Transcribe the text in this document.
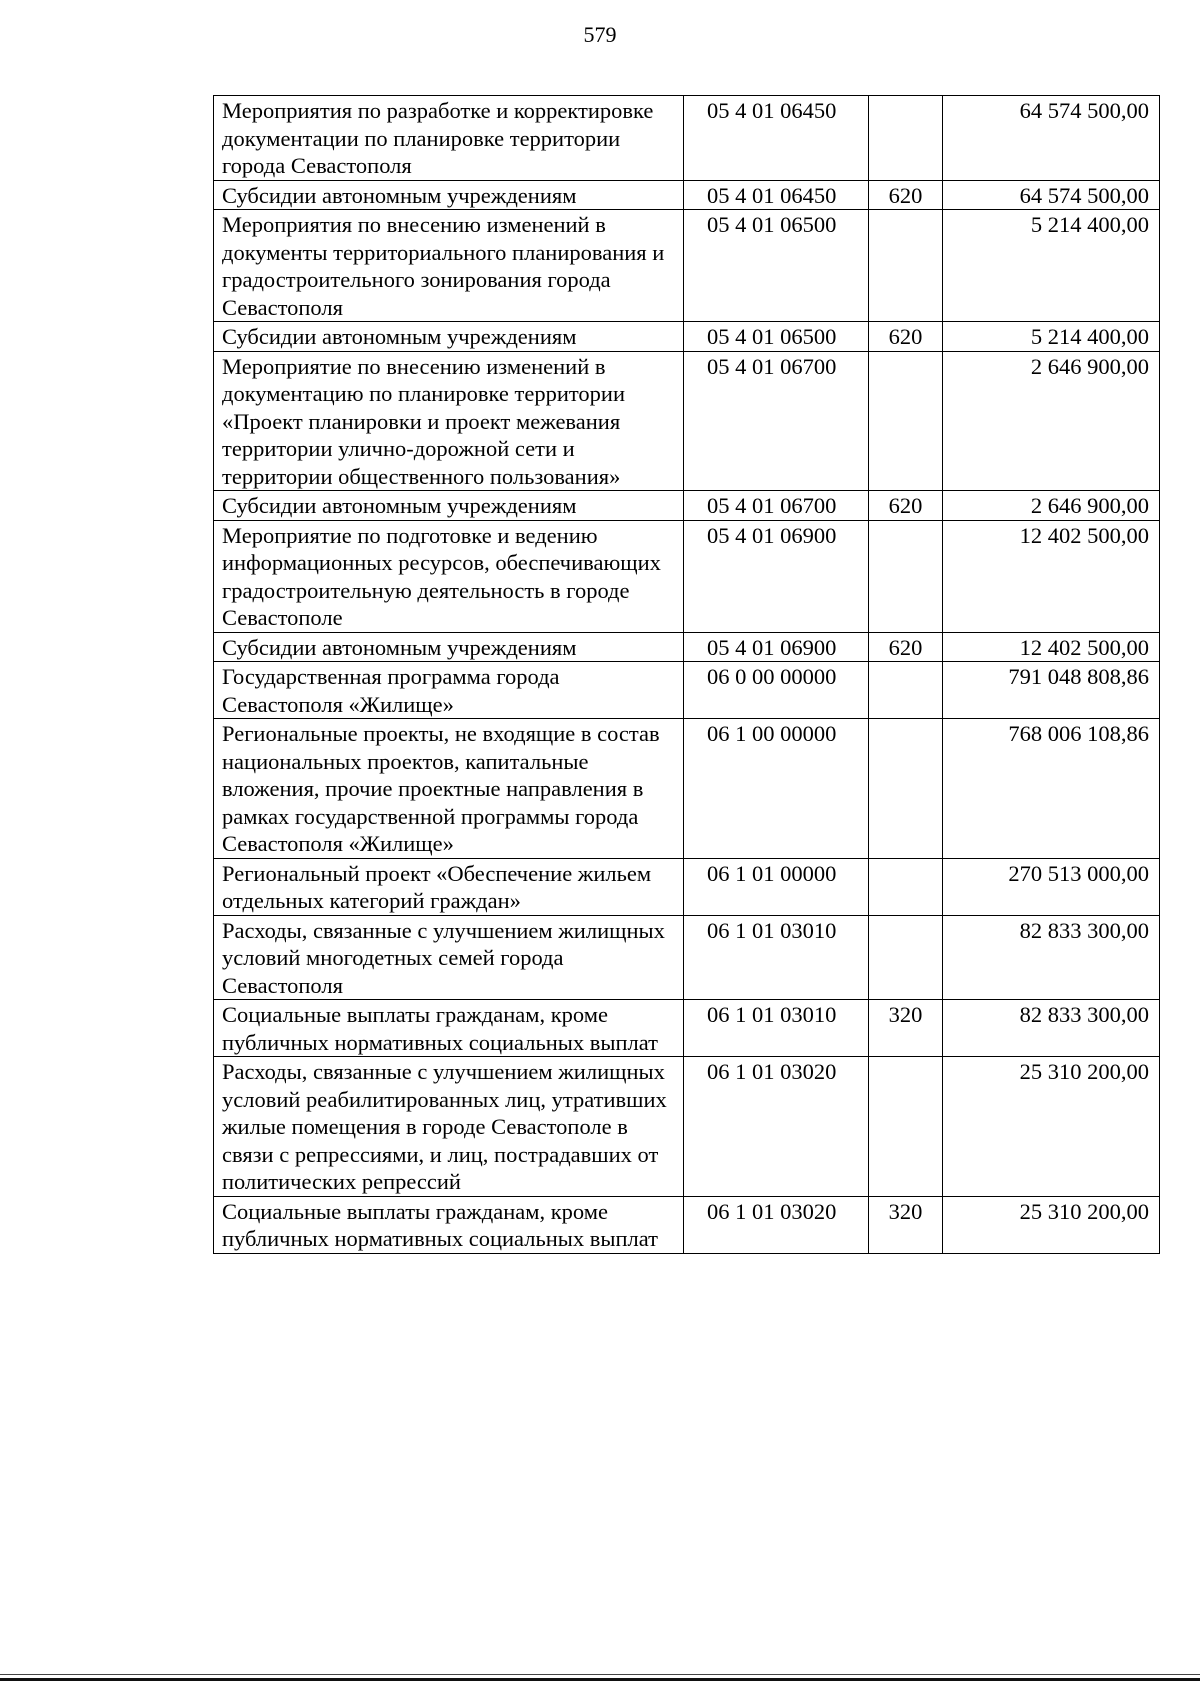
579
Мероприятия по разработке и корректировке документации по планировке территории города Севастополя	05 4 01 06450		64 574 500,00
Субсидии автономным учреждениям	05 4 01 06450	620	64 574 500,00
Мероприятия по внесению изменений в документы территориального планирования и градостроительного зонирования города Севастополя	05 4 01 06500		5 214 400,00
Субсидии автономным учреждениям	05 4 01 06500	620	5 214 400,00
Мероприятие по внесению изменений в документацию по планировке территории «Проект планировки и проект межевания территории улично-дорожной сети и территории общественного пользования»	05 4 01 06700		2 646 900,00
Субсидии автономным учреждениям	05 4 01 06700	620	2 646 900,00
Мероприятие по подготовке и ведению информационных ресурсов, обеспечивающих градостроительную деятельность в городе Севастополе	05 4 01 06900		12 402 500,00
Субсидии автономным учреждениям	05 4 01 06900	620	12 402 500,00
Государственная программа города Севастополя «Жилище»	06 0 00 00000		791 048 808,86
Региональные проекты, не входящие в состав национальных проектов, капитальные вложения, прочие проектные направления в рамках государственной программы города Севастополя «Жилище»	06 1 00 00000		768 006 108,86
Региональный проект «Обеспечение жильем отдельных категорий граждан»	06 1 01 00000		270 513 000,00
Расходы, связанные с улучшением жилищных условий многодетных семей города Севастополя	06 1 01 03010		82 833 300,00
Социальные выплаты гражданам, кроме публичных нормативных социальных выплат	06 1 01 03010	320	82 833 300,00
Расходы, связанные с улучшением жилищных условий реабилитированных лиц, утративших жилые помещения в городе Севастополе в связи с репрессиями, и лиц, пострадавших от политических репрессий	06 1 01 03020		25 310 200,00
Социальные выплаты гражданам, кроме публичных нормативных социальных выплат	06 1 01 03020	320	25 310 200,00
